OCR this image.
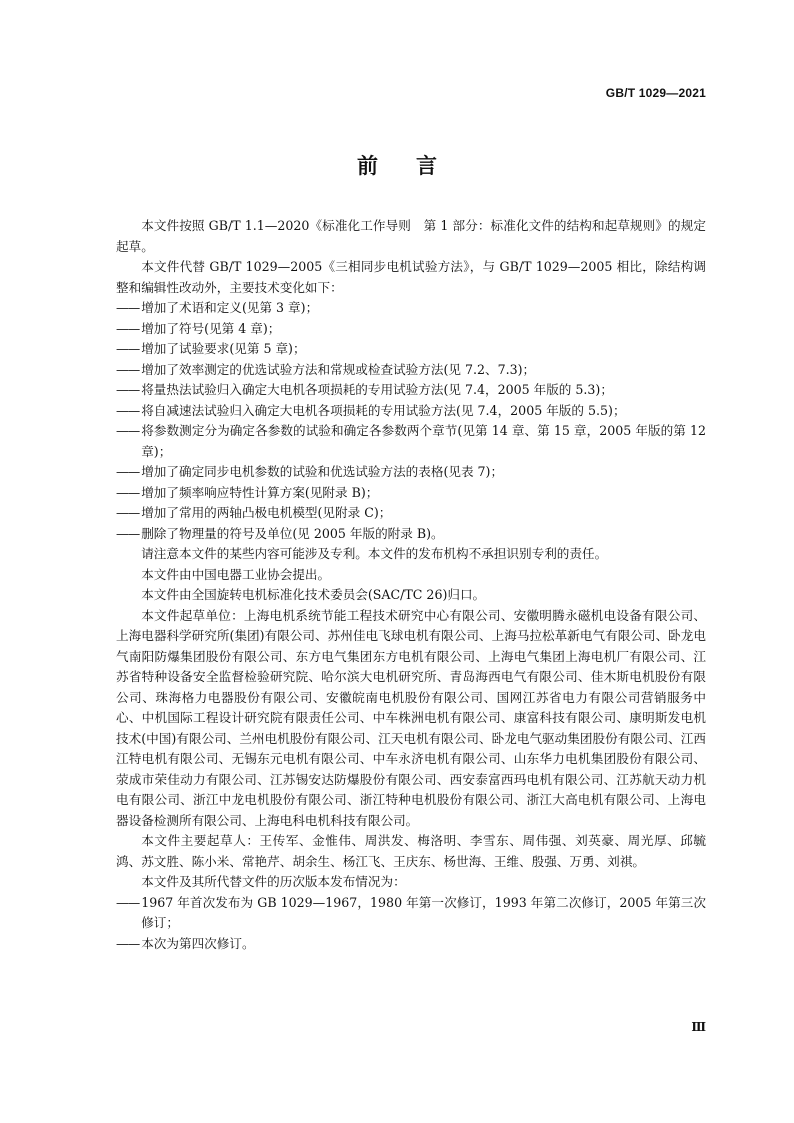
GB/T 1029—2021
前言

本文件按照 GB/T 1.1—2020《标准化工作导则　第 1 部分：标准化文件的结构和起草规则》的规定起草。

本文件代替 GB/T 1029—2005《三相同步电机试验方法》，与 GB/T 1029—2005 相比，除结构调整和编辑性改动外，主要技术变化如下：

—— 增加了术语和定义(见第 3 章)；

—— 增加了符号(见第 4 章)；

—— 增加了试验要求(见第 5 章)；

—— 增加了效率测定的优选试验方法和常规或检查试验方法(见 7.2、7.3)；

—— 将量热法试验归入确定大电机各项损耗的专用试验方法(见 7.4，2005 年版的 5.3)；

—— 将自减速法试验归入确定大电机各项损耗的专用试验方法(见 7.4，2005 年版的 5.5)；

—— 将参数测定分为确定各参数的试验和确定各参数两个章节(见第 14 章、第 15 章，2005 年版的第 12 章)；

—— 增加了确定同步电机参数的试验和优选试验方法的表格(见表 7)；

—— 增加了频率响应特性计算方案(见附录 B)；

—— 增加了常用的两轴凸极电机模型(见附录 C)；

—— 删除了物理量的符号及单位(见 2005 年版的附录 B)。

请注意本文件的某些内容可能涉及专利。本文件的发布机构不承担识别专利的责任。

本文件由中国电器工业协会提出。

本文件由全国旋转电机标准化技术委员会(SAC/TC 26)归口。

本文件起草单位：上海电机系统节能工程技术研究中心有限公司、安徽明腾永磁机电设备有限公司、上海电器科学研究所(集团)有限公司、苏州佳电飞球电机有限公司、上海马拉松革新电气有限公司、卧龙电气南阳防爆集团股份有限公司、东方电气集团东方电机有限公司、上海电气集团上海电机厂有限公司、江苏省特种设备安全监督检验研究院、哈尔滨大电机研究所、青岛海西电气有限公司、佳木斯电机股份有限公司、珠海格力电器股份有限公司、安徽皖南电机股份有限公司、国网江苏省电力有限公司营销服务中心、中机国际工程设计研究院有限责任公司、中车株洲电机有限公司、康富科技有限公司、康明斯发电机技术(中国)有限公司、兰州电机股份有限公司、江天电机有限公司、卧龙电气驱动集团股份有限公司、江西江特电机有限公司、无锡东元电机有限公司、中车永济电机有限公司、山东华力电机集团股份有限公司、荥成市荣佳动力有限公司、江苏锡安达防爆股份有限公司、西安泰富西玛电机有限公司、江苏航天动力机电有限公司、浙江中龙电机股份有限公司、浙江特种电机股份有限公司、浙江大高电机有限公司、上海电器设备检测所有限公司、上海电科电机科技有限公司。

本文件主要起草人：王传军、金惟伟、周洪发、梅洛明、李雪东、周伟强、刘英豪、周光厚、邱毓鸿、苏文胜、陈小米、常艳芹、胡余生、杨江飞、王庆东、杨世海、王维、殷强、万勇、刘祺。

本文件及其所代替文件的历次版本发布情况为：

—— 1967 年首次发布为 GB 1029—1967，1980 年第一次修订，1993 年第二次修订，2005 年第三次修订；

—— 本次为第四次修订。

Ⅲ
